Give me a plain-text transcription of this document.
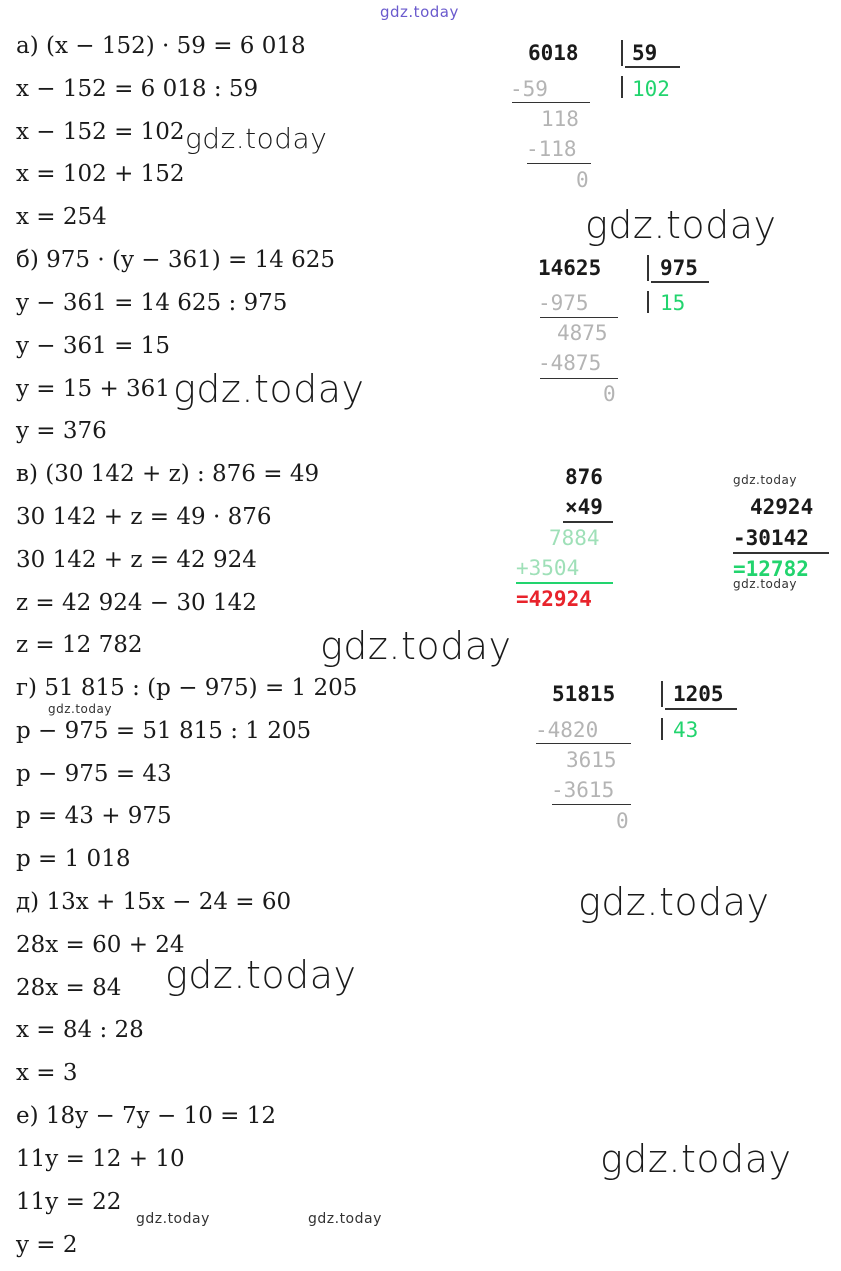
gdz.today
а) (x − 152) · 59 = 6 018
x − 152 = 6 018 : 59
x − 152 = 102
x = 102 + 152
x = 254
б) 975 · (y − 361) = 14 625
y − 361 = 14 625 : 975
y − 361 = 15
y = 15 + 361
y = 376
в) (30 142 + z) : 876 = 49
30 142 + z = 49 · 876
30 142 + z = 42 924
z = 42 924 − 30 142
z = 12 782
г) 51 815 : (p − 975) = 1 205
p − 975 = 51 815 : 1 205
p − 975 = 43
p = 43 + 975
p = 1 018
д) 13x + 15x − 24 = 60
28x = 60 + 24
28x = 84
x = 84 : 28
x = 3
е) 18y − 7y − 10 = 12
11y = 12 + 10
11y = 22
y = 2
6018	59
102
-59
118
-118
0
14625	975
15
-975
4875
-4875
0
876
×49
7884
+3504
=42924
gdz.today
42924
-30142
=12782
gdz.today
51815	1205
43
-4820
3615
-3615
0
gdz.today
gdz.today
gdz.today
gdz.today
gdz.today
gdz.today
gdz.today
gdz.today
gdz.today	gdz.today
